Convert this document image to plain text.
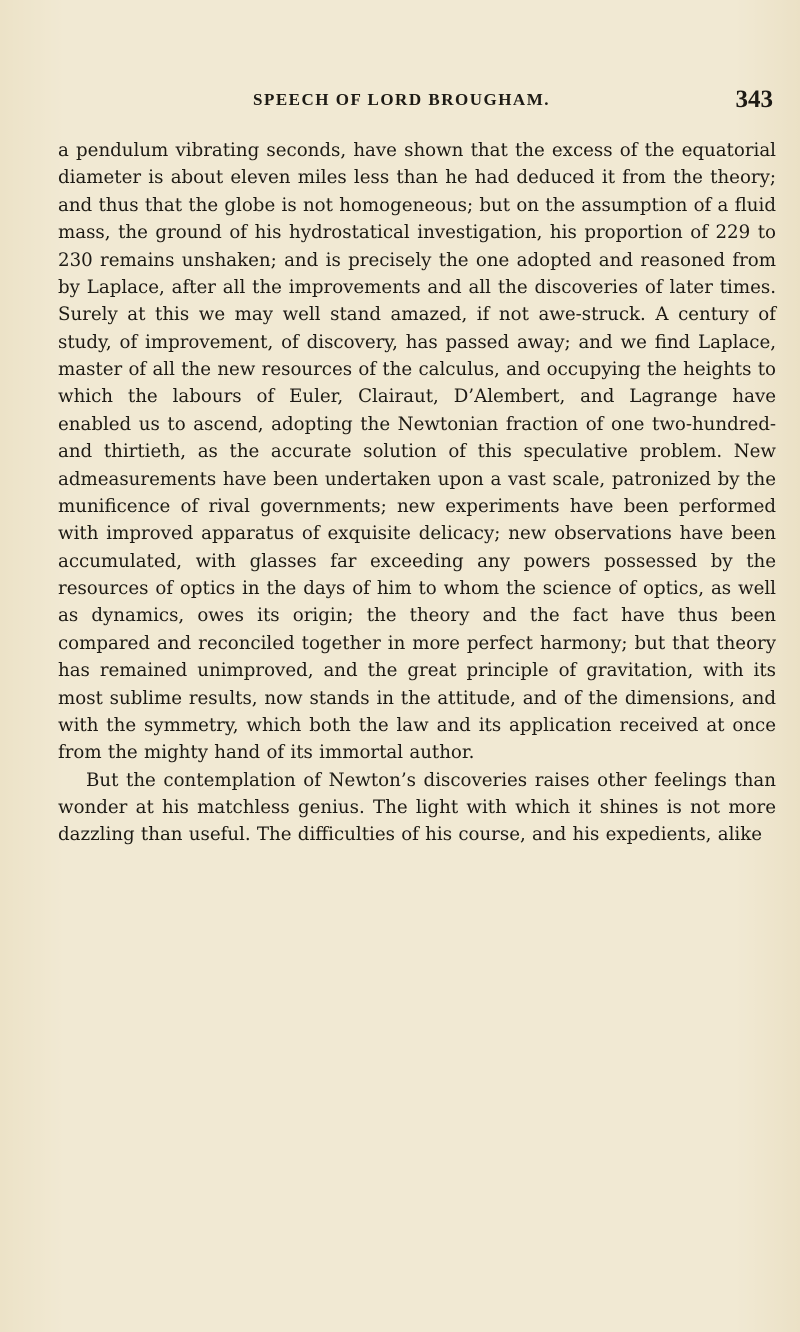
SPEECH OF LORD BROUGHAM.	343

a pendulum vibrating seconds, have shown that the excess of the equatorial diameter is about eleven miles less than he had deduced it from the theory; and thus that the globe is not homogeneous; but on the assumption of a fluid mass, the ground of his hydrostatical investigation, his proportion of 229 to 230 remains unshaken; and is precisely the one adopted and reasoned from by Laplace, after all the improvements and all the discoveries of later times. Surely at this we may well stand amazed, if not awe-struck. A century of study, of improvement, of discovery, has passed away; and we find Laplace, master of all the new resources of the calculus, and occupying the heights to which the labours of Euler, Clairaut, D’Alembert, and Lagrange have enabled us to ascend, adopting the Newtonian fraction of one two-hundred-and thirtieth, as the accurate solution of this speculative problem. New admeasurements have been undertaken upon a vast scale, patronized by the munificence of rival governments; new experiments have been performed with improved apparatus of exquisite delicacy; new observations have been accumulated, with glasses far exceeding any powers possessed by the resources of optics in the days of him to whom the science of optics, as well as dynamics, owes its origin; the theory and the fact have thus been compared and reconciled together in more perfect harmony; but that theory has remained unimproved, and the great principle of gravitation, with its most sublime results, now stands in the attitude, and of the dimensions, and with the symmetry, which both the law and its application received at once from the mighty hand of its immortal author.

But the contemplation of Newton’s discoveries raises other feelings than wonder at his matchless genius. The light with which it shines is not more dazzling than useful. The difficulties of his course, and his expedients, alike
